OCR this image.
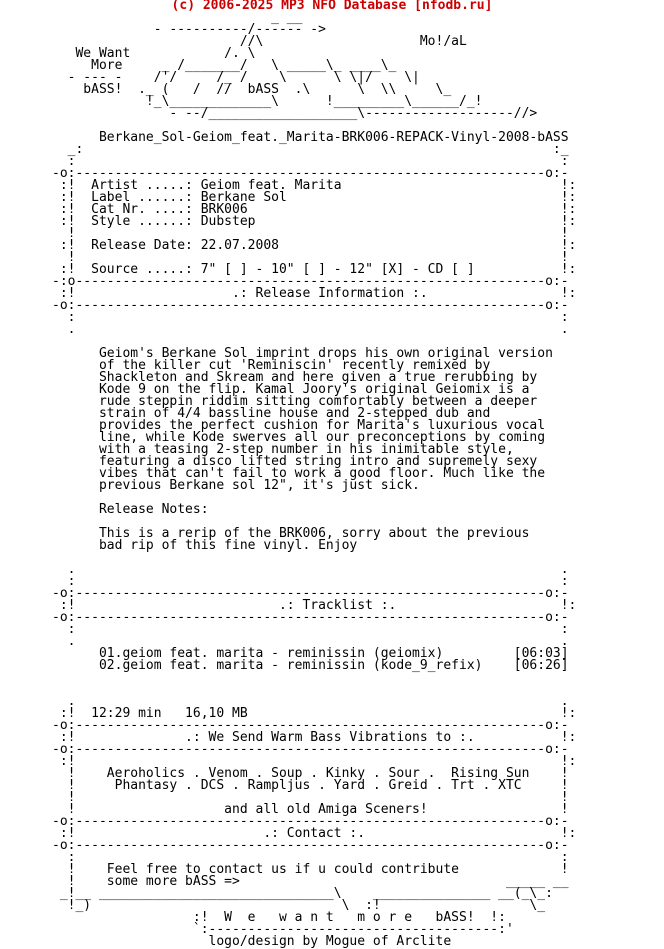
(c) 2006-2025 MP3 NFO Database [nfodb.ru]
_ __
- ----------/------ ->
//\                    Mo!/aL
We Want            /. \
More     _ /_______/   \ _____\_ ____\_
- --- -    /'/     /_ /    \      \ \|/    \|
bASS!  ._ (   /  //  bASS  .\      \  \\     \_
!_\_____________\      !_________\______/_!
- --/___________________\-------------------//>

Berkane_Sol-Geiom_feat._Marita-BRK006-REPACK-Vinyl-2008-bASS
_:                                                            :_
:                                                              :
-o:------------------------------------------------------------o:-
:!  Artist .....: Geiom feat. Marita                            !:
:!  Label ......: Berkane Sol                                   !:
:!  Cat Nr. ....: BRK006                                        !:
:!  Style ......: Dubstep                                       !:
!                                                              !
:!  Release Date: 22.07.2008                                    !:
!                                                              !
:!  Source .....: 7" [ ] - 10" [ ] - 12" [X] - CD [ ]           !:
-:o------------------------------------------------------------o:-
:!                    .: Release Information :.                 !:
-o:------------------------------------------------------------o:-
:                                                              :
.                                                              .

Geiom's Berkane Sol imprint drops his own original version
of the killer cut 'Reminiscin' recently remixed by
Shackleton and Skream and here given a true rerubbing by
Kode 9 on the flip. Kamal Joory's original Geiomix is a
rude steppin riddim sitting comfortably between a deeper
strain of 4/4 bassline house and 2-stepped dub and
provides the perfect cushion for Marita's luxurious vocal
line, while Kode swerves all our preconceptions by coming
with a teasing 2-step number in his inimitable style,
featuring a disco lifted string intro and supremely sexy
vibes that can't fail to work a good floor. Much like the
previous Berkane sol 12", it's just sick.

Release Notes:

This is a rerip of the BRK006, sorry about the previous
bad rip of this fine vinyl. Enjoy

.                                                              .
:                                                              :
-o:------------------------------------------------------------o:-
:!                          .: Tracklist :.                     !:
-o:------------------------------------------------------------o:-
:                                                              :
.                                                              .
01.geiom feat. marita - reminissin (geiomix)         [06:03]
02.geiom feat. marita - reminissin (kode_9_refix)    [06:26]

.                                                              .
:!  12:29 min   16,10 MB                                        !:
-o:------------------------------------------------------------o:-
:!              .: We Send Warm Bass Vibrations to :.           !:
-o:------------------------------------------------------------o:-
:!                                                              !:
!    Aeroholics . Venom . Soup . Kinky . Sour .  Rising Sun    !
!     Phantasy . DCS . Rampljus . Yard . Greid . Trt . XTC     !
!                                                              !
!                   and all old Amiga Sceners!                 !
-o:------------------------------------------------------------o:-
:!                        .: Contact :.                         !:
-o:------------------------------------------------------------o:-
:                                                              :
!    Feel free to contact us if u could contribute             !
!    some more bASS =>                                  _____ __
_!__ ______________________________\    _______________ __(_\_:
!_)                                \  :!                   \_
:!  W  e   w a n t   m o r e   bASS!  !:
`:-------------------------------------:'
logo/design by Mogue of Arclite
